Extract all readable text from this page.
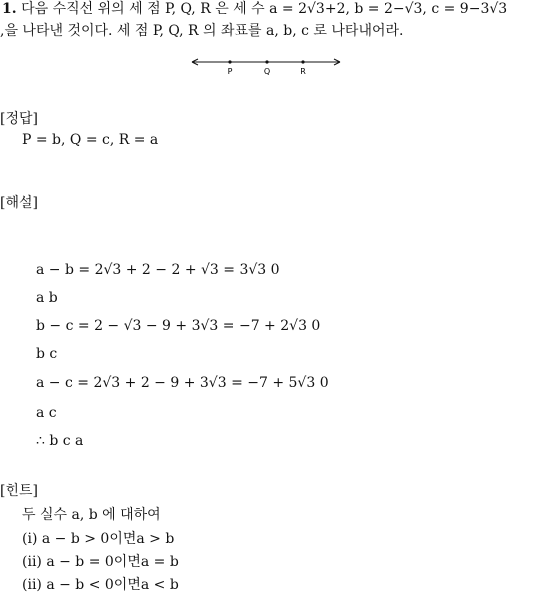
1. 다음 수직선 위의 세 점 P, Q, R 은 세 수 a = 2√3+2, b = 2−√3, c = 9−3√3
,을 나타낸 것이다. 세 점 P, Q, R 의 좌표를 a, b, c 로 나타내어라.
P	Q	R
[정답]
P = b, Q = c, R = a
[해설]
a − b = 2√3 + 2 − 2 + √3 = 3√3 0
a b
b − c = 2 − √3 − 9 + 3√3 = −7 + 2√3 0
b c
a − c = 2√3 + 2 − 9 + 3√3 = −7 + 5√3 0
a c
∴ b c a
[힌트]
두 실수 a, b 에 대하여
(i) a − b > 0이면a > b
(ii) a − b = 0이면a = b
(ii) a − b < 0이면a < b
